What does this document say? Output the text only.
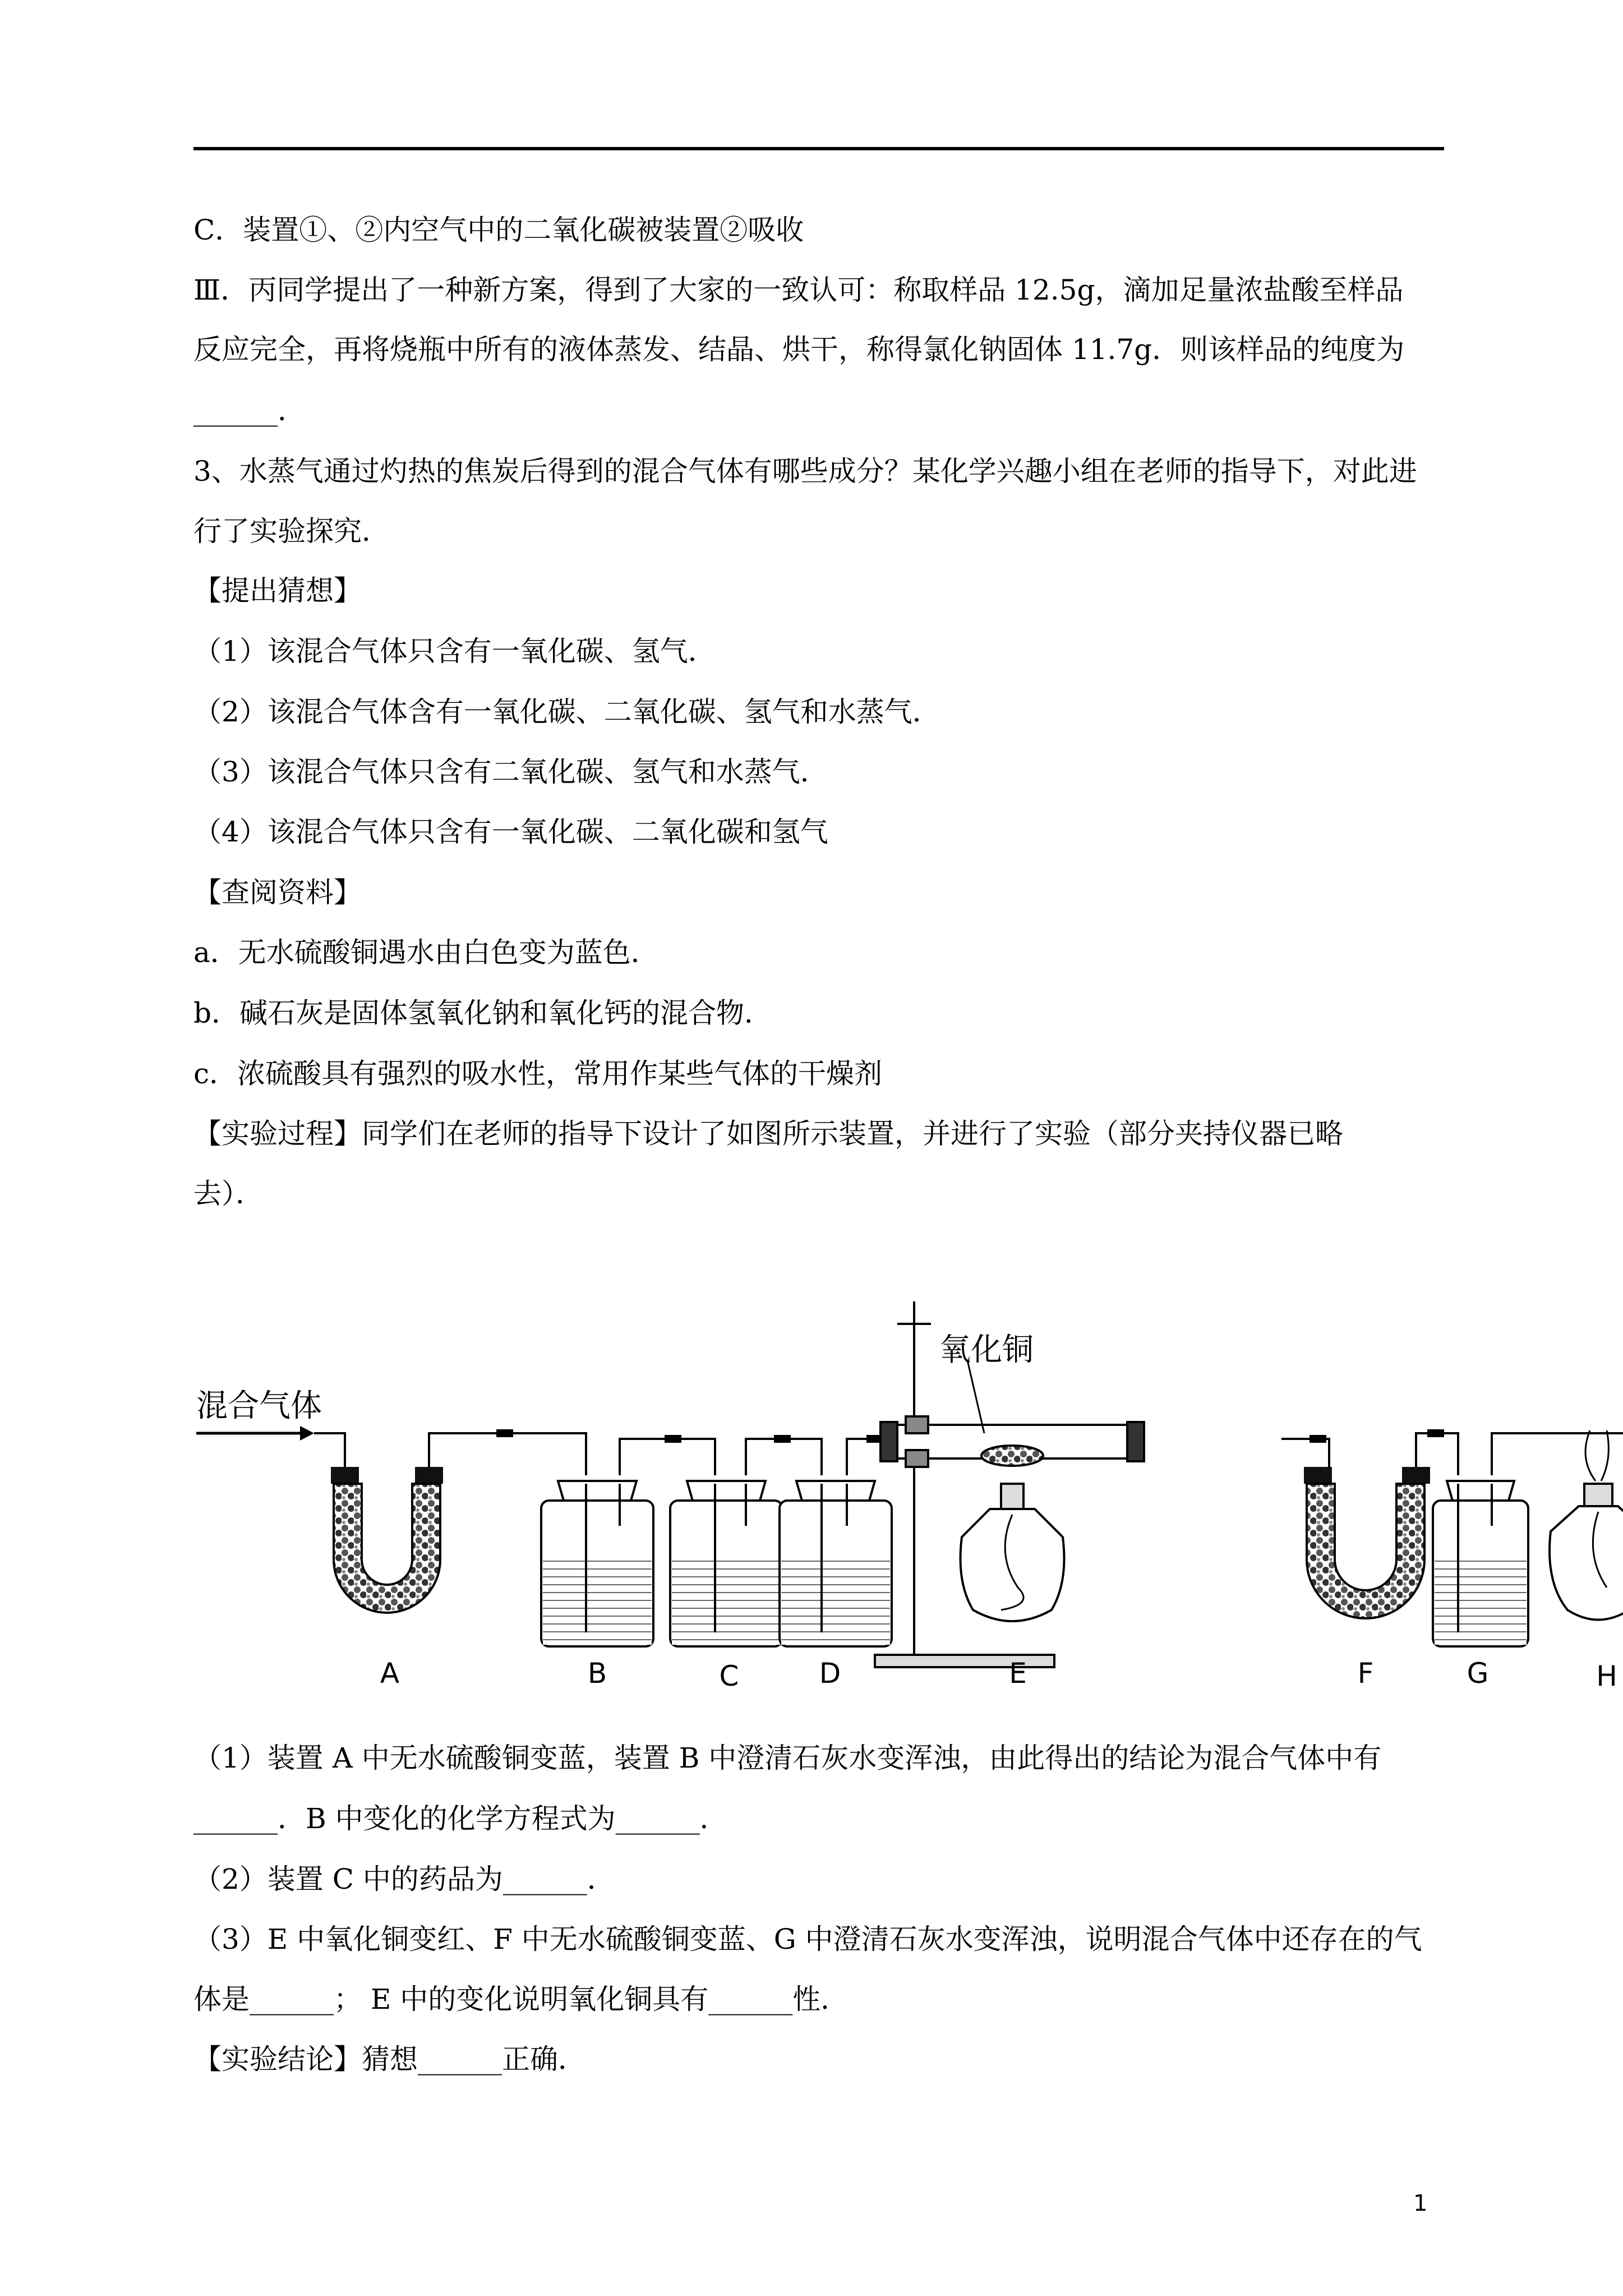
C．装置①、②内空气中的二氧化碳被装置②吸收
Ⅲ．丙同学提出了一种新方案，得到了大家的一致认可：称取样品 12.5g，滴加足量浓盐酸至样品
反应完全，再将烧瓶中所有的液体蒸发、结晶、烘干，称得氯化钠固体 11.7g．则该样品的纯度为
______．
3、水蒸气通过灼热的焦炭后得到的混合气体有哪些成分？某化学兴趣小组在老师的指导下，对此进
行了实验探究．
【提出猜想】
（1）该混合气体只含有一氧化碳、氢气．
（2）该混合气体含有一氧化碳、二氧化碳、氢气和水蒸气．
（3）该混合气体只含有二氧化碳、氢气和水蒸气．
（4）该混合气体只含有一氧化碳、二氧化碳和氢气
【查阅资料】
a．无水硫酸铜遇水由白色变为蓝色．
b．碱石灰是固体氢氧化钠和氧化钙的混合物．
c．浓硫酸具有强烈的吸水性，常用作某些气体的干燥剂
【实验过程】同学们在老师的指导下设计了如图所示装置，并进行了实验（部分夹持仪器已略
去）．
混合气体
氧化铜
A	B	C	D	E	F	G	H
（1）装置 A 中无水硫酸铜变蓝，装置 B 中澄清石灰水变浑浊，由此得出的结论为混合气体中有
______．B 中变化的化学方程式为______．
（2）装置 C 中的药品为______．
（3）E 中氧化铜变红、F 中无水硫酸铜变蓝、G 中澄清石灰水变浑浊，说明混合气体中还存在的气
体是______； E 中的变化说明氧化铜具有______性．
【实验结论】猜想______正确．
1
